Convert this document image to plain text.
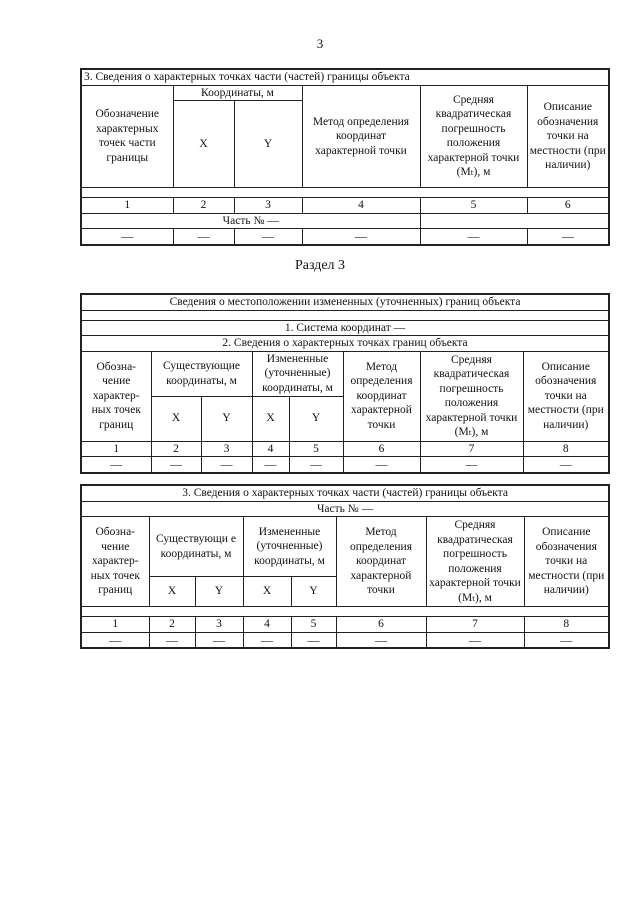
3
3. Сведения о характерных точках части (частей) границы объекта					
Обозначение характерных точек части границы	Координаты, м		Метод определения координат характерной точки	Средняя квадратическая погрешность положения характерной точки (Mₜ), м	Описание обозначения точки на местности (при наличии)
	X	Y			

1	2	3	4	5	6
Часть № —					
—	—	—	—	—	—
Раздел 3
Сведения о местоположении измененных (уточненных) границ объекта							

1. Система координат —							
2. Сведения о характерных точках границ объекта							
Обозна-чение характер-ных точек границ	Существующие координаты, м		Измененные (уточненные) координаты, м		Метод определения координат характерной точки	Средняя квадратическая погрешность положения характерной точки (Mₜ), м	Описание обозначения точки на местности (при наличии)
	X	Y	X	Y			
1	2	3	4	5	6	7	8
—	—	—	—	—	—	—	—
3. Сведения о характерных точках части (частей) границы объекта							
Часть № —							
Обозна-чение характер-ных точек границ	Существующи е координаты, м		Измененные (уточненные) координаты, м		Метод определения координат характерной точки	Средняя квадратическая погрешность положения характерной точки (Mₜ), м	Описание обозначения точки на местности (при наличии)
	X	Y	X	Y			

1	2	3	4	5	6	7	8
—	—	—	—	—	—	—	—
